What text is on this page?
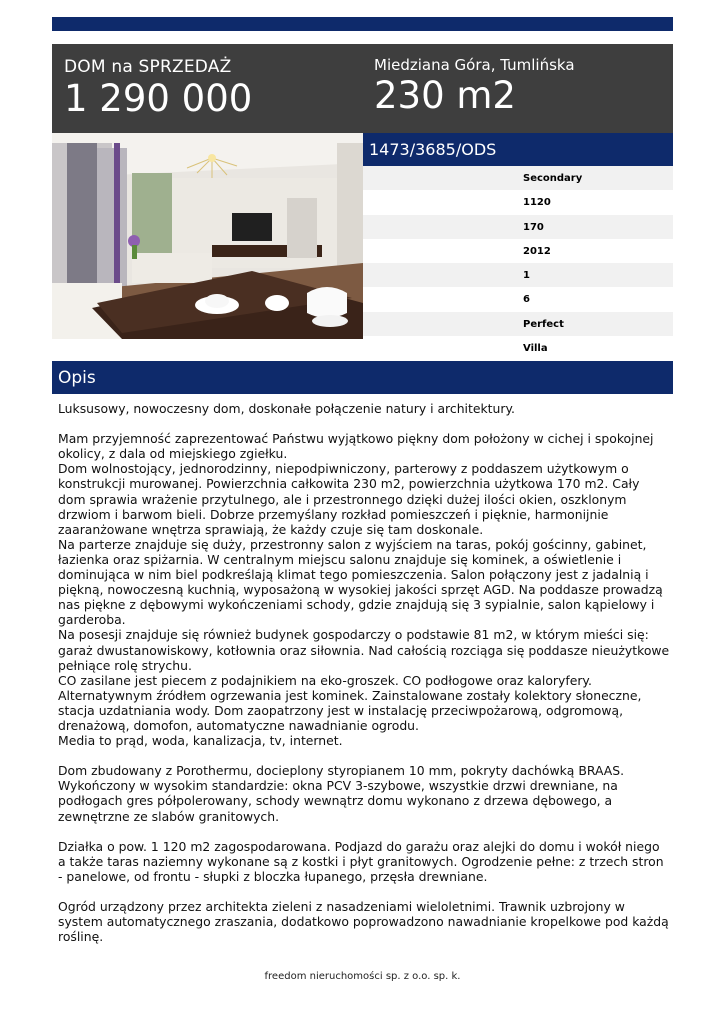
DOM na SPRZEDAŻ
1 290 000
Miedziana Góra, Tumlińska
230 m2
1473/3685/ODS
Secondary
1120
170
2012
1
6
Perfect
Villa
Opis
Luksusowy, nowoczesny dom, doskonałe połączenie natury i architektury.

Mam przyjemność zaprezentować Państwu wyjątkowo piękny dom położony w cichej i spokojnej okolicy, z dala od miejskiego zgiełku.
Dom wolnostojący, jednorodzinny, niepodpiwniczony, parterowy z poddaszem użytkowym o konstrukcji murowanej. Powierzchnia całkowita 230 m2, powierzchnia użytkowa 170 m2. Cały dom sprawia wrażenie przytulnego, ale i przestronnego dzięki dużej ilości okien, oszklonym drzwiom i barwom bieli. Dobrze przemyślany rozkład pomieszczeń i pięknie, harmonijnie zaaranżowane wnętrza sprawiają, że każdy czuje się tam doskonale.
Na parterze znajduje się duży, przestronny salon z wyjściem na taras, pokój gościnny, gabinet, łazienka oraz spiżarnia. W centralnym miejscu salonu znajduje się kominek, a oświetlenie i dominująca w nim biel podkreślają klimat tego pomieszczenia. Salon połączony jest z jadalnią i piękną, nowoczesną kuchnią, wyposażoną w wysokiej jakości sprzęt AGD. Na poddasze prowadzą nas piękne z dębowymi wykończeniami schody, gdzie znajdują się 3 sypialnie, salon kąpielowy i garderoba.
Na posesji znajduje się również budynek gospodarczy o podstawie 81 m2, w którym mieści się: garaż dwustanowiskowy, kotłownia oraz siłownia. Nad całością rozciąga się poddasze nieużytkowe pełniące rolę strychu.
CO zasilane jest piecem z podajnikiem na eko-groszek. CO podłogowe oraz kaloryfery. Alternatywnym źródłem ogrzewania jest kominek. Zainstalowane zostały kolektory słoneczne, stacja uzdatniania wody. Dom zaopatrzony jest w instalację przeciwpożarową, odgromową, drenażową, domofon, automatyczne nawadnianie ogrodu.
Media to prąd, woda, kanalizacja, tv, internet.

Dom zbudowany z Porothermu, docieplony styropianem 10 mm, pokryty dachówką BRAAS. Wykończony w wysokim standardzie: okna PCV 3-szybowe, wszystkie drzwi drewniane, na podłogach gres półpolerowany, schody wewnątrz domu wykonano z drzewa dębowego, a zewnętrzne ze slabów granitowych.

Działka o pow. 1 120 m2 zagospodarowana. Podjazd do garażu oraz alejki do domu i wokół niego a także taras naziemny wykonane są z kostki i płyt granitowych. Ogrodzenie pełne: z trzech stron - panelowe, od frontu - słupki z bloczka łupanego, przęsła drewniane.

Ogród urządzony przez architekta zieleni z nasadzeniami wieloletnimi. Trawnik uzbrojony w system automatycznego zraszania, dodatkowo poprowadzono nawadnianie kropelkowe pod każdą roślinę.
freedom nieruchomości sp. z o.o. sp. k.
